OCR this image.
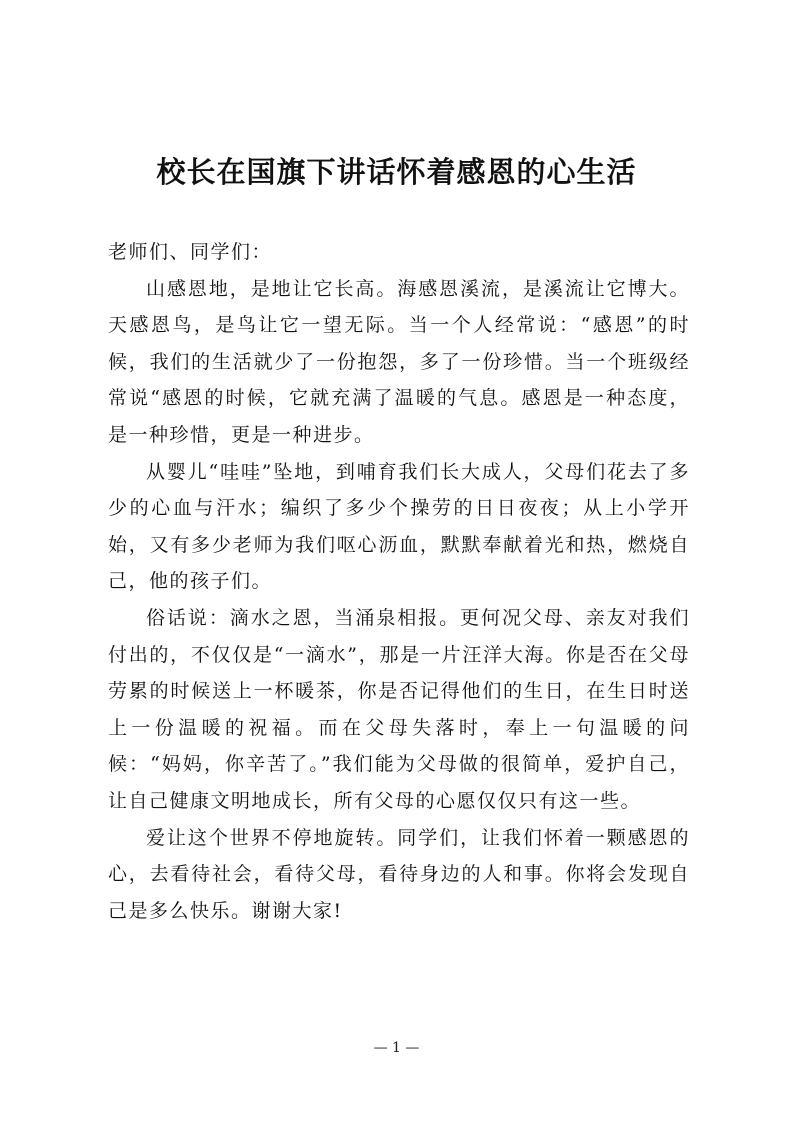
校长在国旗下讲话怀着感恩的心生活

老师们、同学们：

山感恩地，是地让它长高。海感恩溪流，是溪流让它博大。天感恩鸟，是鸟让它一望无际。当一个人经常说：“感恩”的时候，我们的生活就少了一份抱怨，多了一份珍惜。当一个班级经常说“感恩的时候，它就充满了温暖的气息。感恩是一种态度，是一种珍惜，更是一种进步。

从婴儿“哇哇”坠地，到哺育我们长大成人，父母们花去了多少的心血与汗水；编织了多少个操劳的日日夜夜；从上小学开始，又有多少老师为我们呕心沥血，默默奉献着光和热，燃烧自己，他的孩子们。

俗话说：滴水之恩，当涌泉相报。更何况父母、亲友对我们付出的，不仅仅是“一滴水”，那是一片汪洋大海。你是否在父母劳累的时候送上一杯暖茶，你是否记得他们的生日，在生日时送上一份温暖的祝福。而在父母失落时，奉上一句温暖的问候：“妈妈，你辛苦了。”我们能为父母做的很简单，爱护自己，让自己健康文明地成长，所有父母的心愿仅仅只有这一些。

爱让这个世界不停地旋转。同学们，让我们怀着一颗感恩的心，去看待社会，看待父母，看待身边的人和事。你将会发现自己是多么快乐。谢谢大家!

— 1 —
